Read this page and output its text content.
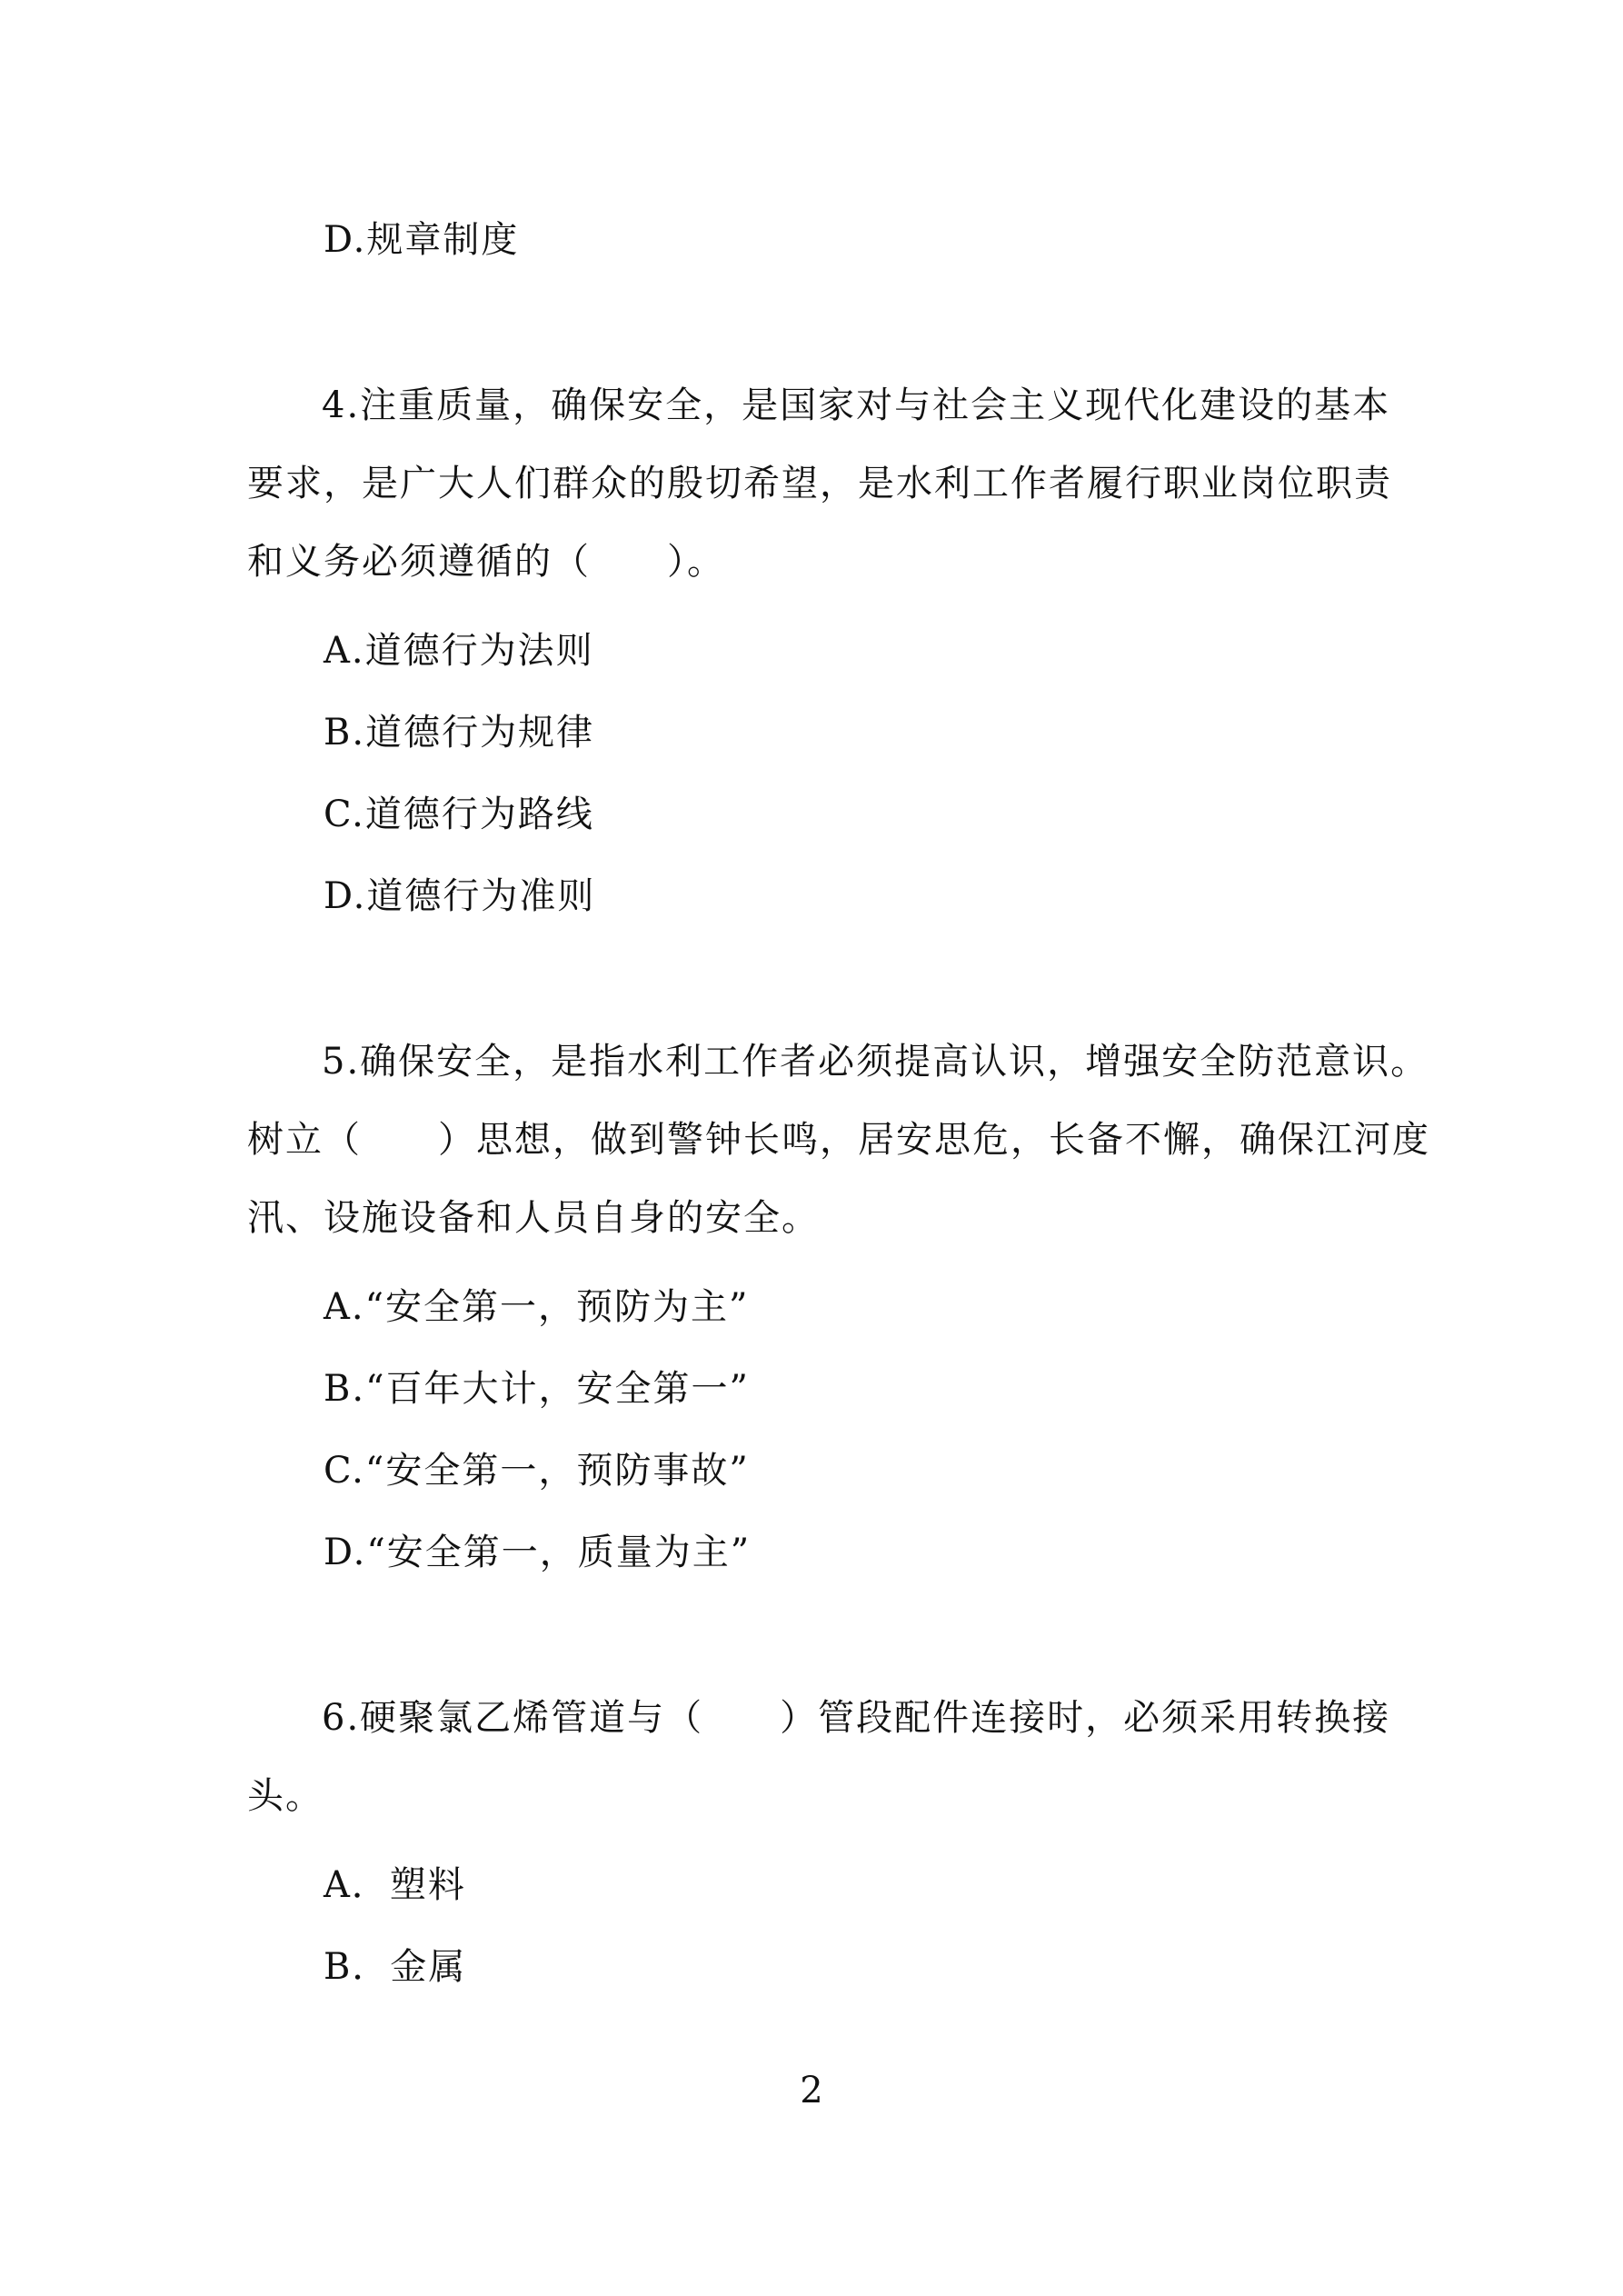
D.规章制度
4.注重质量，确保安全，是国家对与社会主义现代化建设的基本
要求，是广大人们群众的殷切希望，是水利工作者履行职业岗位职责
和义务必须遵循的（　　）。
A.道德行为法则
B.道德行为规律
C.道德行为路线
D.道德行为准则
5.确保安全，是指水利工作者必须提高认识，增强安全防范意识。
树立（　　）思想，做到警钟长鸣，居安思危，长备不懈，确保江河度
汛、设施设备和人员自身的安全。
A.“安全第一，预防为主”
B.“百年大计，安全第一”
C.“安全第一，预防事故”
D.“安全第一，质量为主”
6.硬聚氯乙烯管道与（　　）管段配件连接时，必须采用转换接
头。
A．塑料
B．金属
2
